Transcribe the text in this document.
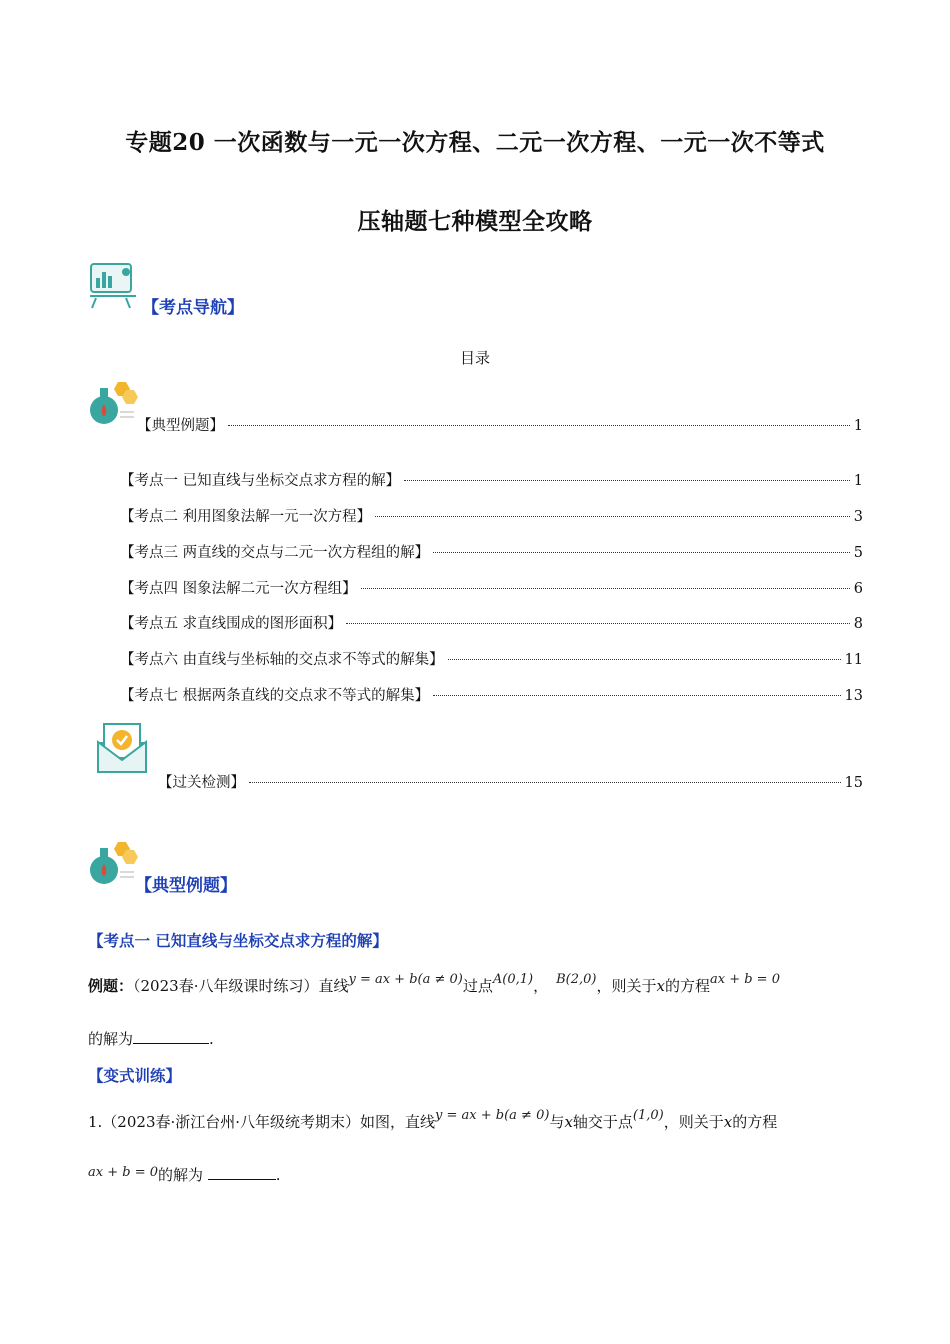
专题20 一次函数与一元一次方程、二元一次方程、一元一次不等式
压轴题七种模型全攻略
【考点导航】
目录
【典型例题】	1
【考点一 已知直线与坐标交点求方程的解】	1
【考点二 利用图象法解一元一次方程】	3
【考点三 两直线的交点与二元一次方程组的解】	5
【考点四 图象法解二元一次方程组】	6
【考点五 求直线围成的图形面积】	8
【考点六 由直线与坐标轴的交点求不等式的解集】	11
【考点七 根据两条直线的交点求不等式的解集】	13
【过关检测】	15
【典型例题】
【考点一 已知直线与坐标交点求方程的解】
例题：（2023春·八年级课时练习）直线y = ax + b(a ≠ 0)过点A(0,1)， B(2,0)，则关于x的方程ax + b = 0
的解为	.
【变式训练】
1.（2023春·浙江台州·八年级统考期末）如图，直线y = ax + b(a ≠ 0)与x轴交于点(1,0)，则关于x的方程
ax + b = 0的解为	.
